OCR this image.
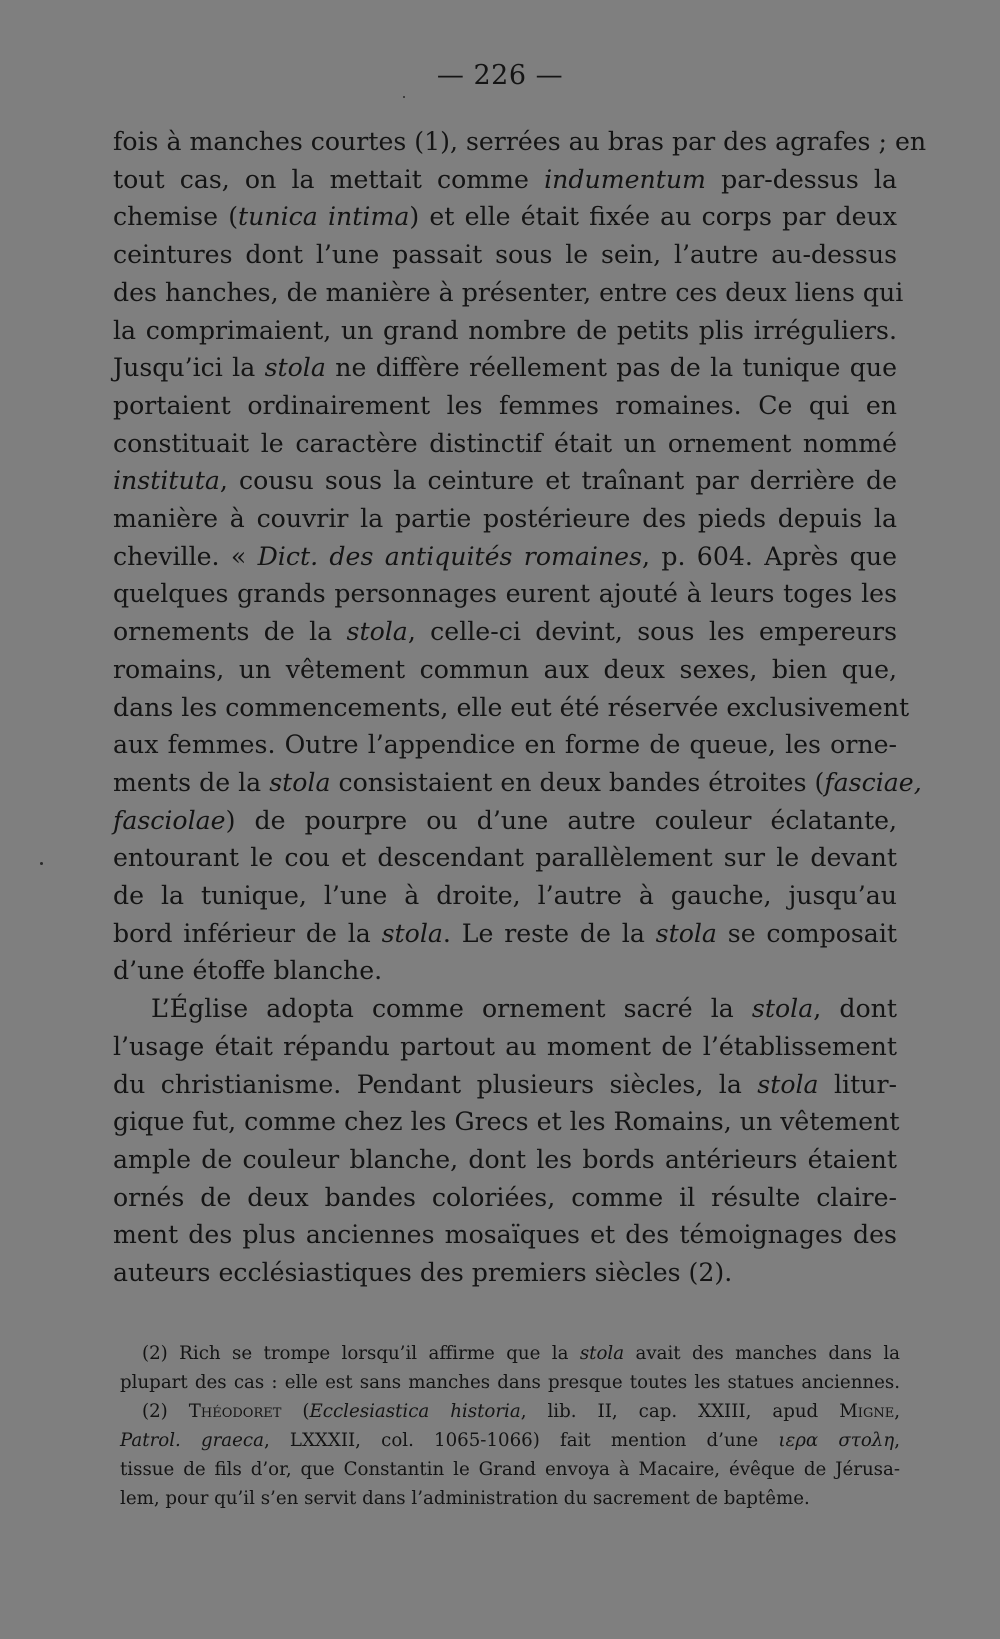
— 226 —
fois à manches courtes (1), serrées au bras par des agrafes ; en
tout cas, on la mettait comme indumentum par-dessus la
chemise (tunica intima) et elle était fixée au corps par deux
ceintures dont l’une passait sous le sein, l’autre au-dessus
des hanches, de manière à présenter, entre ces deux liens qui
la comprimaient, un grand nombre de petits plis irréguliers.
Jusqu’ici la stola ne diffère réellement pas de la tunique que
portaient ordinairement les femmes romaines. Ce qui en
constituait le caractère distinctif était un ornement nommé
instituta, cousu sous la ceinture et traînant par derrière de
manière à couvrir la partie postérieure des pieds depuis la
cheville. « Dict. des antiquités romaines, p. 604. Après que
quelques grands personnages eurent ajouté à leurs toges les
ornements de la stola, celle-ci devint, sous les empereurs
romains, un vêtement commun aux deux sexes, bien que,
dans les commencements, elle eut été réservée exclusivement
aux femmes. Outre l’appendice en forme de queue, les orne-
ments de la stola consistaient en deux bandes étroites (fasciae,
fasciolae) de pourpre ou d’une autre couleur éclatante,
entourant le cou et descendant parallèlement sur le devant
de la tunique, l’une à droite, l’autre à gauche, jusqu’au
bord inférieur de la stola. Le reste de la stola se composait
d’une étoffe blanche.
L’Église adopta comme ornement sacré la stola, dont
l’usage était répandu partout au moment de l’établissement
du christianisme. Pendant plusieurs siècles, la stola litur-
gique fut, comme chez les Grecs et les Romains, un vêtement
ample de couleur blanche, dont les bords antérieurs étaient
ornés de deux bandes coloriées, comme il résulte claire-
ment des plus anciennes mosaïques et des témoignages des
auteurs ecclésiastiques des premiers siècles (2).
(2) Rich se trompe lorsqu’il affirme que la stola avait des manches dans la
plupart des cas : elle est sans manches dans presque toutes les statues anciennes.
(2) Théodoret (Ecclesiastica historia, lib. II, cap. XXIII, apud Migne,
Patrol. graeca, LXXXII, col. 1065-1066) fait mention d’une ιερα στολη,
tissue de fils d’or, que Constantin le Grand envoya à Macaire, évêque de Jérusa-
lem, pour qu’il s’en servit dans l’administration du sacrement de baptême.
